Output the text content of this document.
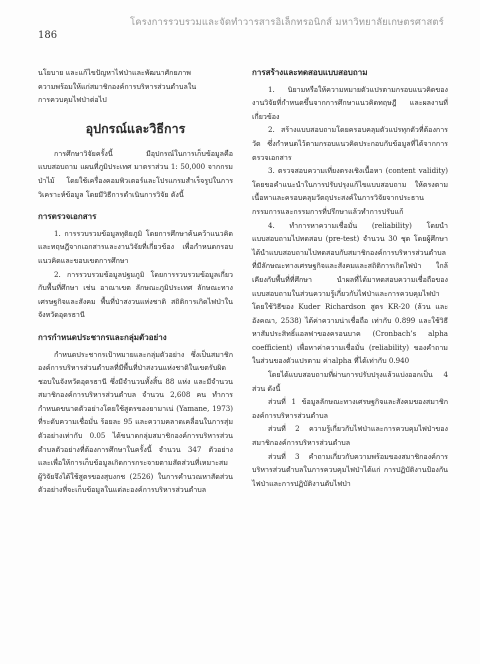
โครงการรวบรวมและจัดทำวารสารอิเล็กทรอนิกส์ มหาวิทยาลัยเกษตรศาสตร์
186

นโยบาย และแก้ไขปัญหาไฟป่าและพัฒนาศักยภาพ

ความพร้อมให้แก่สมาชิกองค์การบริหารส่วนตำบลใน

การควบคุมไฟป่าต่อไป

อุปกรณ์และวิธีการ

การศึกษาวิจัยครั้งนี้ มีอุปกรณ์ในการเก็บข้อมูลคือ แบบสอบถาม แผนที่ภูมิประเทศ มาตราส่วน 1: 50,000 จากกรมป่าไม้ โดยใช้เครื่องคอมพิวเตอร์และโปรแกรมสำเร็จรูปในการวิเคราะห์ข้อมูล โดยมีวิธีการดำเนินการวิจัย ดังนี้

การตรวจเอกสาร

1. การรวบรวมข้อมูลทุติยภูมิ โดยการศึกษาค้นคว้าแนวคิดและทฤษฎีจากเอกสารและงานวิจัยที่เกี่ยวข้อง เพื่อกำหนดกรอบแนวคิดและขอบเขตการศึกษา

2. การรวบรวมข้อมูลปฐมภูมิ โดยการรวบรวมข้อมูลเกี่ยวกับพื้นที่ศึกษา เช่น อาณาเขต ลักษณะภูมิประเทศ ลักษณะทางเศรษฐกิจและสังคม พื้นที่ป่าสงวนแห่งชาติ สถิติการเกิดไฟป่าในจังหวัดอุดรธานี

การกำหนดประชากรและกลุ่มตัวอย่าง

กำหนดประชากรเป้าหมายและกลุ่มตัวอย่าง ซึ่งเป็นสมาชิกองค์การบริหารส่วนตำบลที่มีพื้นที่ป่าสงวนแห่งชาติในเขตรับผิดชอบในจังหวัดอุดรธานี ซึ่งมีจำนวนทั้งสิ้น 88 แห่ง และมีจำนวนสมาชิกองค์การบริหารส่วนตำบล จำนวน 2,608 คน ทำการกำหนดขนาดตัวอย่างโดยใช้สูตรของยามาเน่ (Yamane, 1973) ที่ระดับความเชื่อมั่น ร้อยละ 95 และความคลาดเคลื่อนในการสุ่มตัวอย่างเท่ากับ 0.05 ได้ขนาดกลุ่มสมาชิกองค์การบริหารส่วนตำบลตัวอย่างที่ต้องการศึกษาในครั้งนี้ จำนวน 347 ตัวอย่าง และเพื่อให้การเก็บข้อมูลเกิดการกระจายตามสัดส่วนที่เหมาะสม ผู้วิจัยจึงได้ใช้สูตรของสุบงกช (2526) ในการคำนวณหาสัดส่วนตัวอย่างที่จะเก็บข้อมูลในแต่ละองค์การบริหารส่วนตำบล

การสร้างและทดสอบแบบสอบถาม

1. นิยามหรือให้ความหมายตัวแปรตามกรอบแนวคิดของงานวิจัยที่กำหนดขึ้นจากการศึกษาแนวคิดทฤษฎี และผลงานที่เกี่ยวข้อง

2. สร้างแบบสอบถามโดยครอบคลุมตัวแปรทุกตัวที่ต้องการวัด ซึ่งกำหนดไว้ตามกรอบแนวคิดประกอบกับข้อมูลที่ได้จากการตรวจเอกสาร

3. ตรวจสอบความเที่ยงตรงเชิงเนื้อหา (content validity) โดยขอคำแนะนำในการปรับปรุงแก้ไขแบบสอบถาม ให้ตรงตามเนื้อหาและครอบคลุมวัตถุประสงค์ในการวิจัยจากประธานกรรมการและกรรมการที่ปรึกษาแล้วทำการปรับแก้

4. ทำการหาความเชื่อมั่น (reliability) โดยนำแบบสอบถามไปทดสอบ (pre-test) จำนวน 30 ชุด โดยผู้ศึกษาได้นำแบบสอบถามไปทดสอบกับสมาชิกองค์การบริหารส่วนตำบลที่มีลักษณะทางเศรษฐกิจและสังคมและสถิติการเกิดไฟป่า ใกล้เคียงกับพื้นที่ที่ศึกษา นำผลที่ได้มาทดสอบความเชื่อถือของแบบสอบถามในส่วนความรู้เกี่ยวกับไฟป่าและการควบคุมไฟป่า โดยใช้วิธีของ Kuder Richardson สูตร KR-20 (ล้วน และอังคณา, 2538) ได้ค่าความน่าเชื่อถือ เท่ากับ 0.899 และใช้วิธีหาสัมประสิทธิ์แอลฟาของครอนบาค (Cronbach’s alpha coefficient) เพื่อหาค่าความเชื่อมั่น (reliability) ของคำถามในส่วนของตัวแปรตาม ค่าalpha ที่ได้เท่ากับ 0.940

โดยได้แบบสอบถามที่ผ่านการปรับปรุงแล้วแบ่งออกเป็น 4 ส่วน ดังนี้

ส่วนที่ 1 ข้อมูลลักษณะทางเศรษฐกิจและสังคมของสมาชิกองค์การบริหารส่วนตำบล

ส่วนที่ 2 ความรู้เกี่ยวกับไฟป่าและการควบคุมไฟป่าของสมาชิกองค์การบริหารส่วนตำบล

ส่วนที่ 3 คำถามเกี่ยวกับความพร้อมของสมาชิกองค์การบริหารส่วนตำบลในการควบคุมไฟป่าได้แก่ การปฏิบัติงานป้องกันไฟป่าและการปฏิบัติงานดับไฟป่า
